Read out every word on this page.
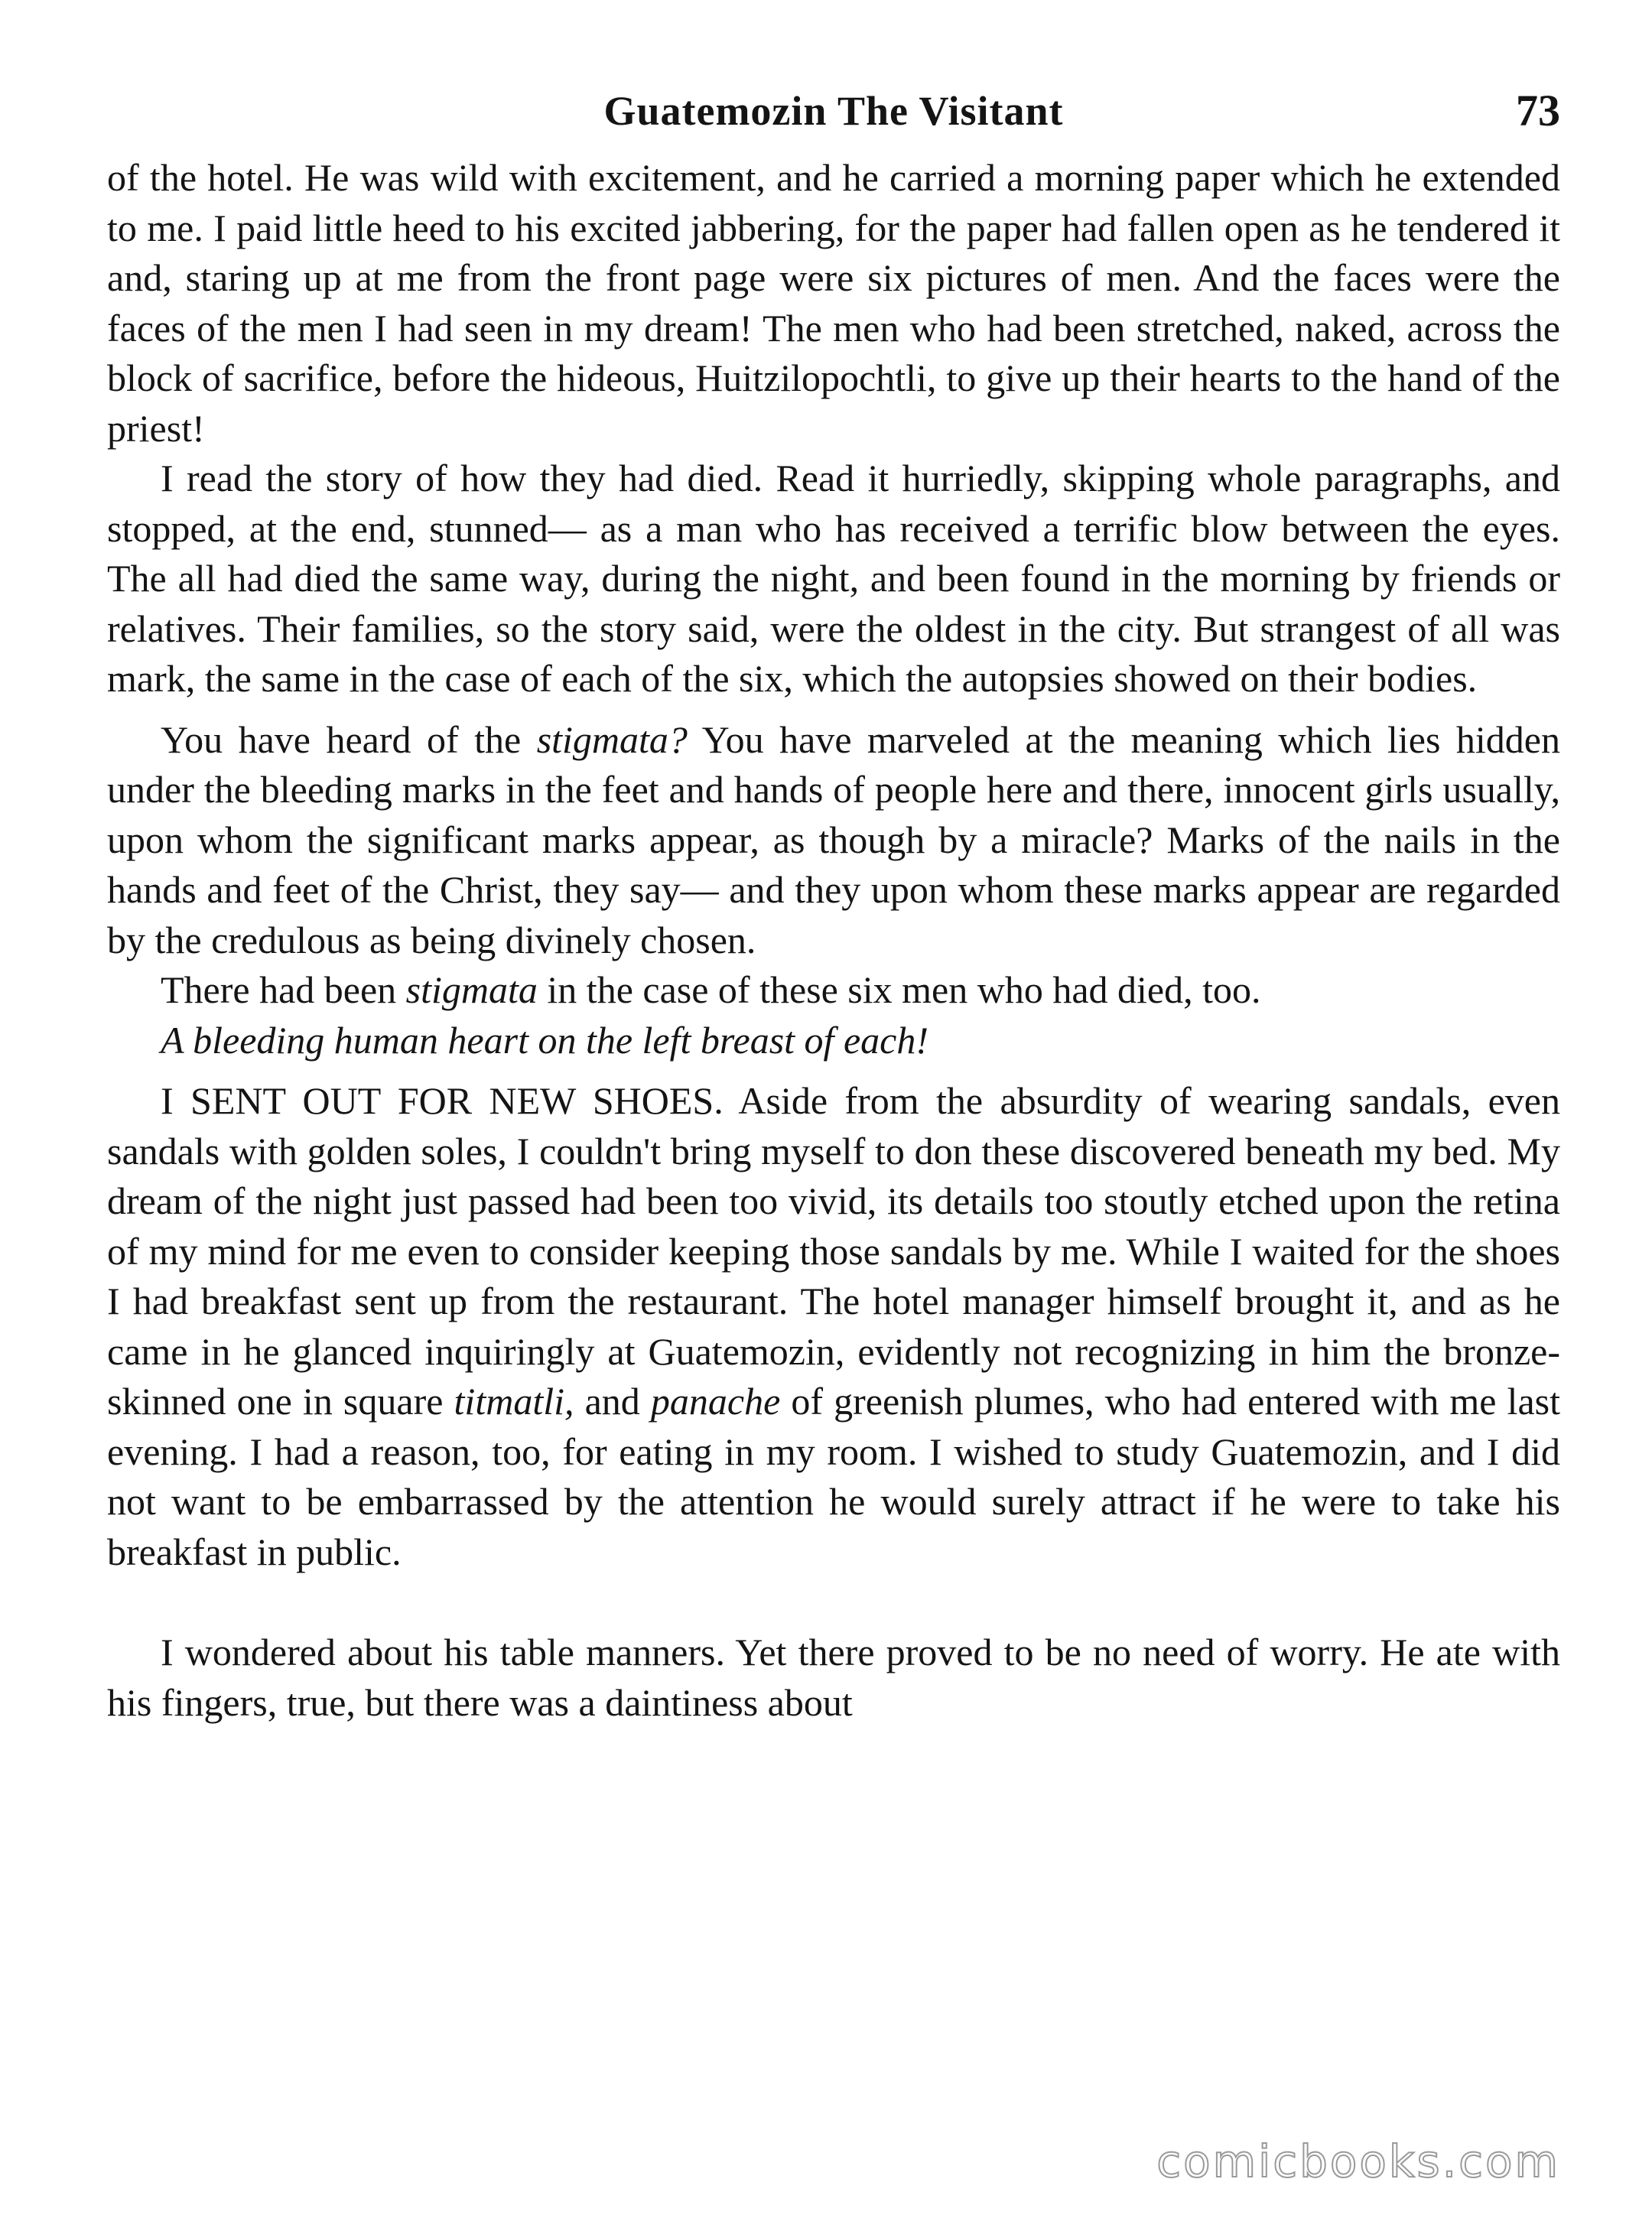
Guatemozin The Visitant	73

of the hotel. He was wild with excitement, and he carried a morning paper which he extended to me. I paid little heed to his excited jabbering, for the paper had fallen open as he tendered it and, staring up at me from the front page were six pictures of men. And the faces were the faces of the men I had seen in my dream! The men who had been stretched, naked, across the block of sacrifice, before the hideous, Huitzilopochtli, to give up their hearts to the hand of the priest!

I read the story of how they had died. Read it hurriedly, skipping whole paragraphs, and stopped, at the end, stunned— as a man who has received a terrific blow between the eyes. The all had died the same way, during the night, and been found in the morning by friends or relatives. Their families, so the story said, were the oldest in the city. But strangest of all was mark, the same in the case of each of the six, which the autopsies showed on their bodies.

You have heard of the stigmata? You have marveled at the meaning which lies hidden under the bleeding marks in the feet and hands of people here and there, innocent girls usually, upon whom the significant marks appear, as though by a miracle? Marks of the nails in the hands and feet of the Christ, they say— and they upon whom these marks appear are regarded by the credulous as being divinely chosen.

There had been stigmata in the case of these six men who had died, too.

A bleeding human heart on the left breast of each!

I SENT OUT FOR NEW SHOES. Aside from the absurdity of wearing sandals, even sandals with golden soles, I couldn't bring myself to don these discovered beneath my bed. My dream of the night just passed had been too vivid, its details too stoutly etched upon the retina of my mind for me even to consider keeping those sandals by me. While I waited for the shoes I had breakfast sent up from the restaurant. The hotel manager himself brought it, and as he came in he glanced inquiringly at Guatemozin, evidently not recognizing in him the bronze-skinned one in square titmatli, and panache of greenish plumes, who had entered with me last evening. I had a reason, too, for eating in my room. I wished to study Guatemozin, and I did not want to be embarrassed by the attention he would surely attract if he were to take his breakfast in public.

I wondered about his table manners. Yet there proved to be no need of worry. He ate with his fingers, true, but there was a daintiness about

comicbooks.com
